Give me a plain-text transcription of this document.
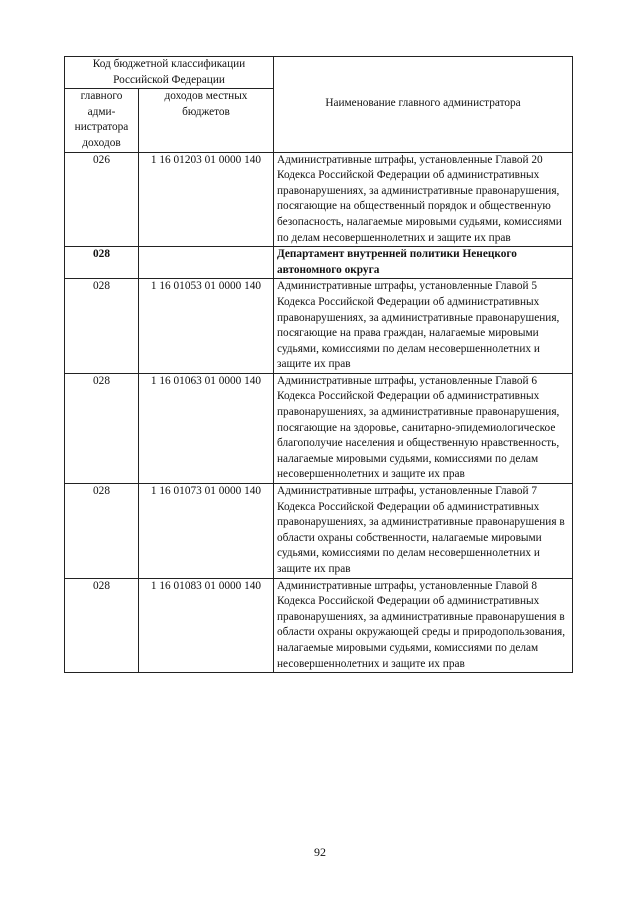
Код бюджетной классификации Российской Федерации		Наименование главного администратора
главного адми-нистратора доходов	доходов местных бюджетов	
026	1 16 01203 01 0000 140	Административные штрафы, установленные Главой 20 Кодекса Российской Федерации об административных правонарушениях, за административные правонарушения, посягающие на общественный порядок и общественную безопасность, налагаемые мировыми судьями, комиссиями по делам несовершеннолетних и защите их прав
028		Департамент внутренней политики Ненецкого автономного округа
028	1 16 01053 01 0000 140	Административные штрафы, установленные Главой 5 Кодекса Российской Федерации об административных правонарушениях, за административные правонарушения, посягающие на права граждан, налагаемые мировыми судьями, комиссиями по делам несовершеннолетних и защите их прав
028	1 16 01063 01 0000 140	Административные штрафы, установленные Главой 6 Кодекса Российской Федерации об административных правонарушениях, за административные правонарушения, посягающие на здоровье, санитарно-эпидемиологическое благополучие населения и общественную нравственность, налагаемые мировыми судьями, комиссиями по делам несовершеннолетних и защите их прав
028	1 16 01073 01 0000 140	Административные штрафы, установленные Главой 7 Кодекса Российской Федерации об административных правонарушениях, за административные правонарушения в области охраны собственности, налагаемые мировыми судьями, комиссиями по делам несовершеннолетних и защите их прав
028	1 16 01083 01 0000 140	Административные штрафы, установленные Главой 8 Кодекса Российской Федерации об административных правонарушениях, за административные правонарушения в области охраны окружающей среды и природопользования, налагаемые мировыми судьями, комиссиями по делам несовершеннолетних и защите их прав
92
